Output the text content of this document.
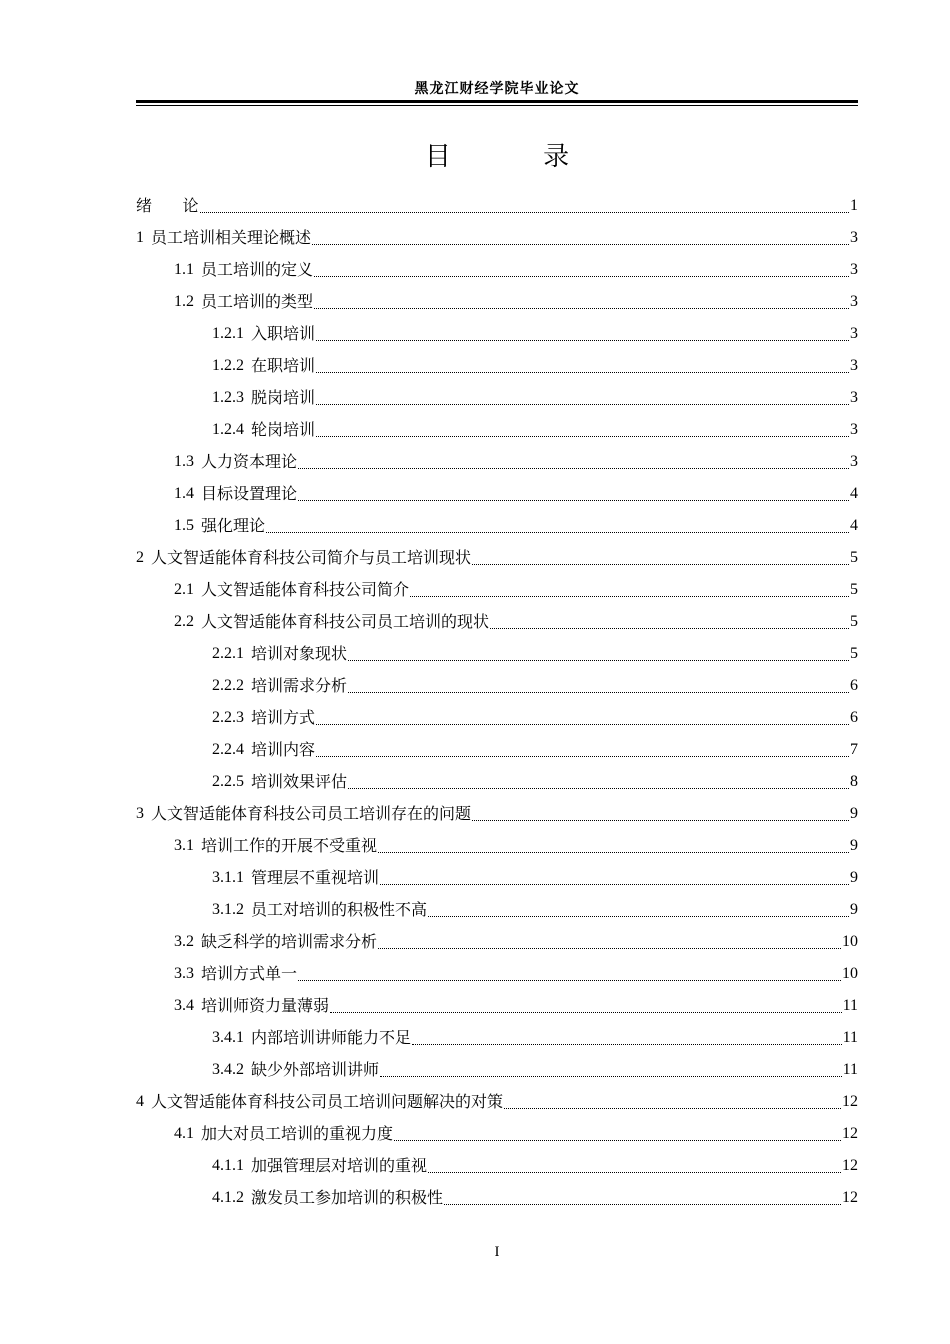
黑龙江财经学院毕业论文
目 录
绪      论	1
1 员工培训相关理论概述	3
1.1 员工培训的定义	3
1.2 员工培训的类型	3
1.2.1 入职培训	3
1.2.2 在职培训	3
1.2.3 脱岗培训	3
1.2.4 轮岗培训	3
1.3 人力资本理论	3
1.4 目标设置理论	4
1.5 强化理论	4
2 人文智适能体育科技公司简介与员工培训现状	5
2.1 人文智适能体育科技公司简介	5
2.2 人文智适能体育科技公司员工培训的现状	5
2.2.1 培训对象现状	5
2.2.2 培训需求分析	6
2.2.3 培训方式	6
2.2.4 培训内容	7
2.2.5 培训效果评估	8
3 人文智适能体育科技公司员工培训存在的问题	9
3.1 培训工作的开展不受重视	9
3.1.1 管理层不重视培训	9
3.1.2 员工对培训的积极性不高	9
3.2 缺乏科学的培训需求分析	10
3.3 培训方式单一	10
3.4 培训师资力量薄弱	11
3.4.1 内部培训讲师能力不足	11
3.4.2 缺少外部培训讲师	11
4 人文智适能体育科技公司员工培训问题解决的对策	12
4.1 加大对员工培训的重视力度	12
4.1.1 加强管理层对培训的重视	12
4.1.2 激发员工参加培训的积极性	12
I
